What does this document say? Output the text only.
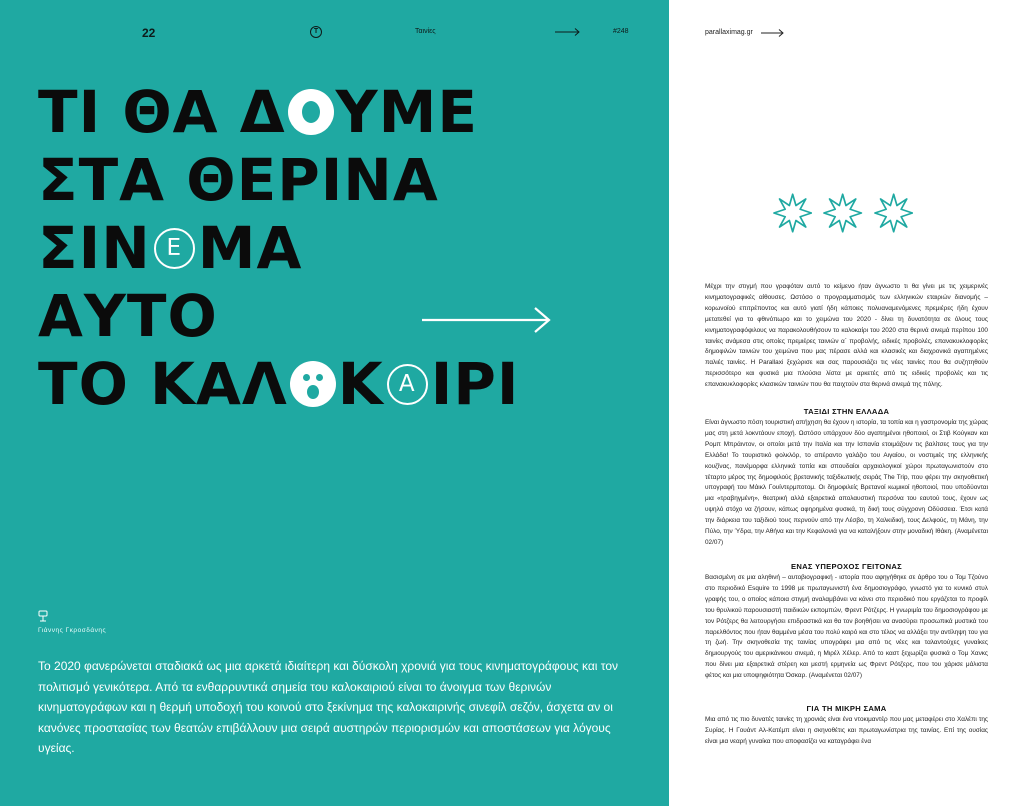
22	T	Ταινίες	#248
ΤΙ ΘΑ Δ ΥΜΕ
ΣΤΑ ΘΕΡΙΝΑ
ΣΙΝ Ε ΜΑ
ΑΥΤΟ
ΤΟ ΚΑΛ Κ Α ΙΡΙ
Γιάννης Γκροσδάνης
Το 2020 φανερώνεται σταδιακά ως μια αρκετά ιδιαίτερη και δύσκολη χρονιά για τους κινηματογράφους και τον πολιτισμό γενικότερα. Από τα ενθαρρυντικά σημεία του καλοκαιριού είναι το άνοιγμα των θερινών κινηματογράφων και η θερμή υποδοχή του κοινού στο ξεκίνημα της καλοκαιρινής σινεφίλ σεζόν, άσχετα αν οι κανόνες προστασίας των θεατών επιβάλλουν μια σειρά αυστηρών περιορισμών και αποστάσεων για λόγους υγείας.
parallaximag.gr
Μέχρι την στιγμή που γραφόταν αυτό το κείμενο ήταν άγνωστο τι θα γίνει με τις χειμερινές κινηματογραφικές αίθουσες. Ωστόσο ο προγραμματισμός των ελληνικών εταιριών διανομής – κορωνοϊού επιτρέποντος και αυτό γιατί ήδη κάποιες πολυαναμενόμενες πρεμιέρες ήδη έχουν μετατεθεί για το φθινόπωρο και το χειμώνα του 2020 - δίνει τη δυνατότητα σε όλους τους κινηματογραφόφιλους να παρακολουθήσουν το καλοκαίρι του 2020 στα θερινά σινεμά περίπου 100 ταινίες ανάμεσα στις οποίες πρεμιέρες ταινιών α΄ προβολής, ειδικές προβολές, επανακυκλοφορίες δημοφιλών ταινιών του χειμώνα που μας πέρασε αλλά και κλασικές και διαχρονικά αγαπημένες παλιές ταινίες. Η Parallaxi ξεχώρισε και σας παρουσιάζει τις νέες ταινίες που θα συζητηθούν περισσότερο και φυσικά μια πλούσια λίστα με αρκετές από τις ειδικές προβολές και τις επανακυκλοφορίες κλασικών ταινιών που θα παιχτούν στα θερινά σινεμά της πόλης.
ΤΑΞΙΔΙ ΣΤΗΝ ΕΛΛΑΔΑ
Είναι άγνωστο πόση τουριστική απήχηση θα έχουν η ιστορία, τα τοπία και η γαστρονομία της χώρας μας στη μετά λοκντάουν εποχή. Ωστόσο υπάρχουν δύο αγαπημένοι ηθοποιοί, οι Στιβ Κούγκαν και Ρομπ Μπράιντον, οι οποίοι μετά την Ιταλία και την Ισπανία ετοιμάζουν τις βαλίτσες τους για την Ελλάδα! Το τουριστικό φολκλόρ, το απέραντο γαλάζιο του Αιγαίου, οι νοστιμιές της ελληνικής κουζίνας, πανέμορφα ελληνικά τοπία και σπουδαίοι αρχαιολογικοί χώροι πρωταγωνιστούν στο τέταρτο μέρος της δημοφιλούς βρετανικής ταξιδιωτικής σειράς The Trip, που φέρει την σκηνοθετική υπογραφή του Μάικλ Γουίντερμποτομ. Οι δημοφιλείς Βρετανοί κωμικοί ηθοποιοί, που υποδύονται μια «τραβηγμένη», θεατρική αλλά εξαιρετικά απολαυστική περσόνα του εαυτού τους, έχουν ως υψηλό στόχο να ζήσουν, κάπως αφηρημένα φυσικά, τη δική τους σύγχρονη Οδύσσεια. Έτσι κατά την διάρκεια του ταξιδιού τους περνούν από την Λέσβο, τη Χαλκιδική, τους Δελφούς, τη Μάνη, την Πύλο, την Ύδρα, την Αθήνα και την Κεφαλονιά για να καταλήξουν στην μοναδική Ιθάκη. (Αναμένεται 02/07)
ΕΝΑΣ ΥΠΕΡΟΧΟΣ ΓΕΙΤΟΝΑΣ
Βασισμένη σε μια αληθινή – αυτοβιογραφική - ιστορία που αφηγήθηκε σε άρθρο του ο Τομ Τζούνο στο περιοδικό Esquire το 1998 με πρωταγωνιστή ένα δημοσιογράφο, γνωστό για το κυνικό στυλ γραφής του, ο οποίος κάποια στιγμή αναλαμβάνει να κάνει στο περιοδικό που εργάζεται το προφίλ του θρυλικού παρουσιαστή παιδικών εκπομπών, Φρεντ Ρότζερς. Η γνωριμία του δημοσιογράφου με τον Ρότζερς θα λειτουργήσει επιδραστικά και θα τον βοηθήσει να ανασύρει προσωπικά μυστικά του παρελθόντος που ήταν θαμμένα μέσα του πολύ καιρό και στο τέλος να αλλάξει την αντίληψη του για τη ζωή. Την σκηνοθεσία της ταινίας υπογράφει μια από τις νέες και ταλαντούχες γυναίκες δημιουργούς του αμερικάνικου σινεμά, η Μιρέλ Χέλερ. Από το καστ ξεχωρίζει φυσικά ο Τομ Χανκς που δίνει μια εξαιρετικά στέρεη και μεστή ερμηνεία ως Φρεντ Ρότζερς, που του χάρισε μάλιστα φέτος και μια υποψηφιότητα Όσκαρ. (Αναμένεται 02/07)
ΓΙΑ ΤΗ ΜΙΚΡΗ ΣΑΜΑ
Μια από τις πιο δυνατές ταινίες τη χρονιάς είναι ένα ντοκιμαντέρ που μας μεταφέρει στο Χαλέπι της Συρίας. Η Γουάντ Αλ-Κατέμπ είναι η σκηνοθέτις και πρωταγωνίστρια της ταινίας. Επί της ουσίας είναι μια νεαρή γυναίκα που αποφασίζει να καταγράφει ένα
